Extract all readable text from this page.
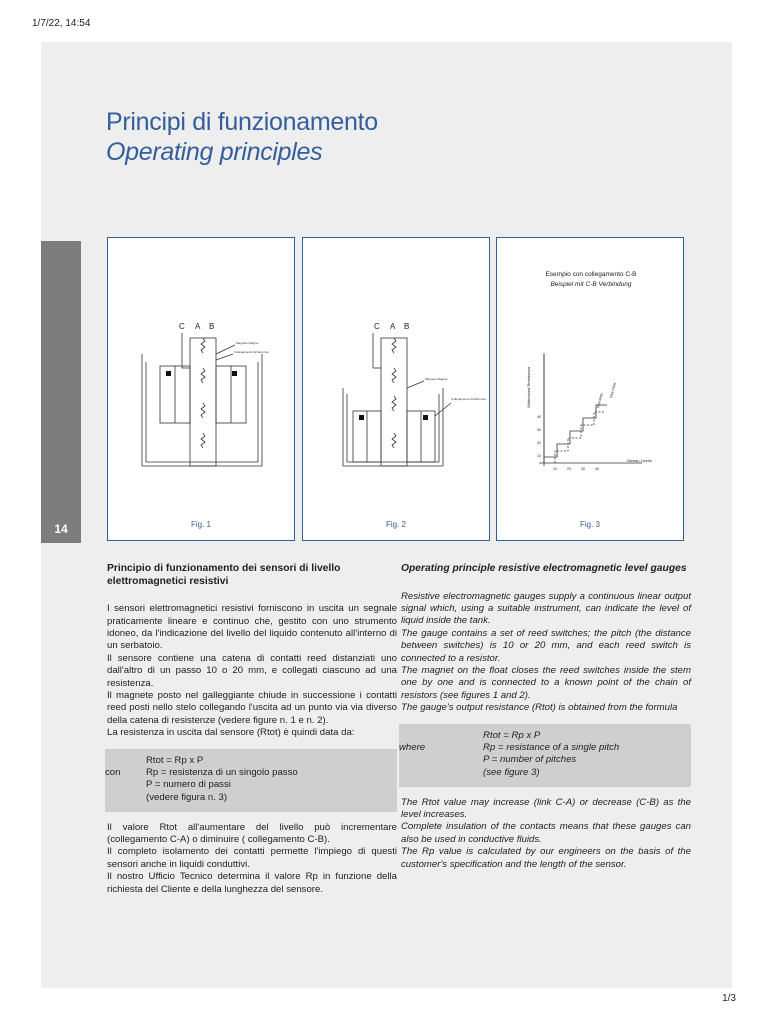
1/7/22, 14:54
1/3
14
Principi di funzionamento
Operating principles
C A B
Magnete Magnet
Collegamento Schwimmer
Fig. 1
C A B
Magnete Magnet
Collegamento Schwimmer
Fig. 2
Esempio con collegamento C-B
Beispiel mit C-B Verbindung
Widerstand Resistenza
Niveau Livello
40
30
20
10
10	20	30	40
Rtot Mitte
Rtot Höhe
Fig. 3
Principio di funzionamento dei sensori di livello elettromagnetici resistivi

I sensori elettromagnetici resistivi forniscono in uscita un segnale praticamente lineare e continuo che, gestito con uno strumento idoneo, da l'indicazione del livello del liquido contenuto all'interno di un serbatoio.

Il sensore contiene una catena di contatti reed distanziati uno dall'altro di un passo 10 o 20 mm, e collegati ciascuno ad una resistenza.

Il magnete posto nel galleggiante chiude in successione i contatti reed posti nello stelo collegando l'uscita ad un punto via via diverso della catena di resistenze (vedere figure n. 1 e n. 2).

La resistenza in uscita dal sensore (Rtot) è quindi data da:

con
Rtot = Rp x P
Rp = resistenza di un singolo passo
P = numero di passi
(vedere figura n. 3)

Il valore Rtot all'aumentare del livello può incrementare (collegamento C-A) o diminuire ( collegamento C-B).

Il completo isolamento dei contatti permette l'impiego di questi sensori anche in liquidi conduttivi.

Il nostro Ufficio Tecnico determina il valore Rp in funzione della richiesta del Cliente e della lunghezza del sensore.

Operating principle resistive electromagnetic level gauges

Resistive electromagnetic gauges supply a continuous linear output signal which, using a suitable instrument, can indicate the level of liquid inside the tank.

The gauge contains a set of reed switches; the pitch (the distance between switches) is 10 or 20 mm, and each reed switch is connected to a resistor.

The magnet on the float closes the reed switches inside the stem one by one and is connected to a known point of the chain of resistors (see figures 1 and 2).

The gauge's output resistance (Rtot) is obtained from the formula

where
Rtot = Rp x P
Rp = resistance of a single pitch
P = number of pitches
(see figure 3)

The Rtot value may increase (link C-A) or decrease (C-B) as the level increases.

Complete insulation of the contacts means that these gauges can also be used in conductive fluids.

The Rp value is calculated by our engineers on the basis of the customer's specification and the length of the sensor.
